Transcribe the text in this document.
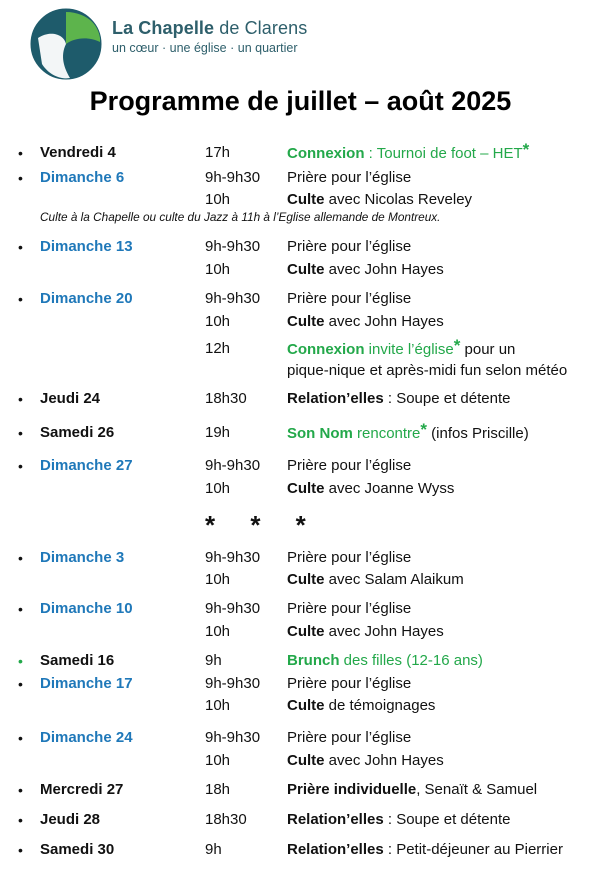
La Chapelle de Clarens
un cœur · une église · un quartier
Programme de juillet – août 2025
• Vendredi 4	17h	Connexion : Tournoi de foot – HET*
• Dimanche 6	9h-9h30 Prière pour l’église
10h	Culte avec Nicolas Reveley
Culte à la Chapelle ou culte du Jazz à 11h à l’Eglise allemande de Montreux.
• Dimanche 13	9h-9h30 Prière pour l’église
10h	Culte avec John Hayes
• Dimanche 20	9h-9h30 Prière pour l’église
10h	Culte avec John Hayes
12h	Connexion invite l’église* pour un
pique-nique et après-midi fun selon météo
• Jeudi 24	18h30	Relation’elles : Soupe et détente
• Samedi 26	19h	Son Nom rencontre* (infos Priscille)
• Dimanche 27	9h-9h30 Prière pour l’église
10h	Culte avec Joanne Wyss
* * *
• Dimanche 3	9h-9h30 Prière pour l’église
10h	Culte avec Salam Alaikum
• Dimanche 10	9h-9h30 Prière pour l’église
10h	Culte avec John Hayes
• Samedi 16	9h	Brunch des filles (12-16 ans)
• Dimanche 17	9h-9h30 Prière pour l’église
10h	Culte de témoignages
• Dimanche 24	9h-9h30 Prière pour l’église
10h	Culte avec John Hayes
• Mercredi 27	18h	Prière individuelle, Senaït & Samuel
• Jeudi 28	18h30	Relation’elles : Soupe et détente
• Samedi 30	9h	Relation’elles : Petit-déjeuner au Pierrier
